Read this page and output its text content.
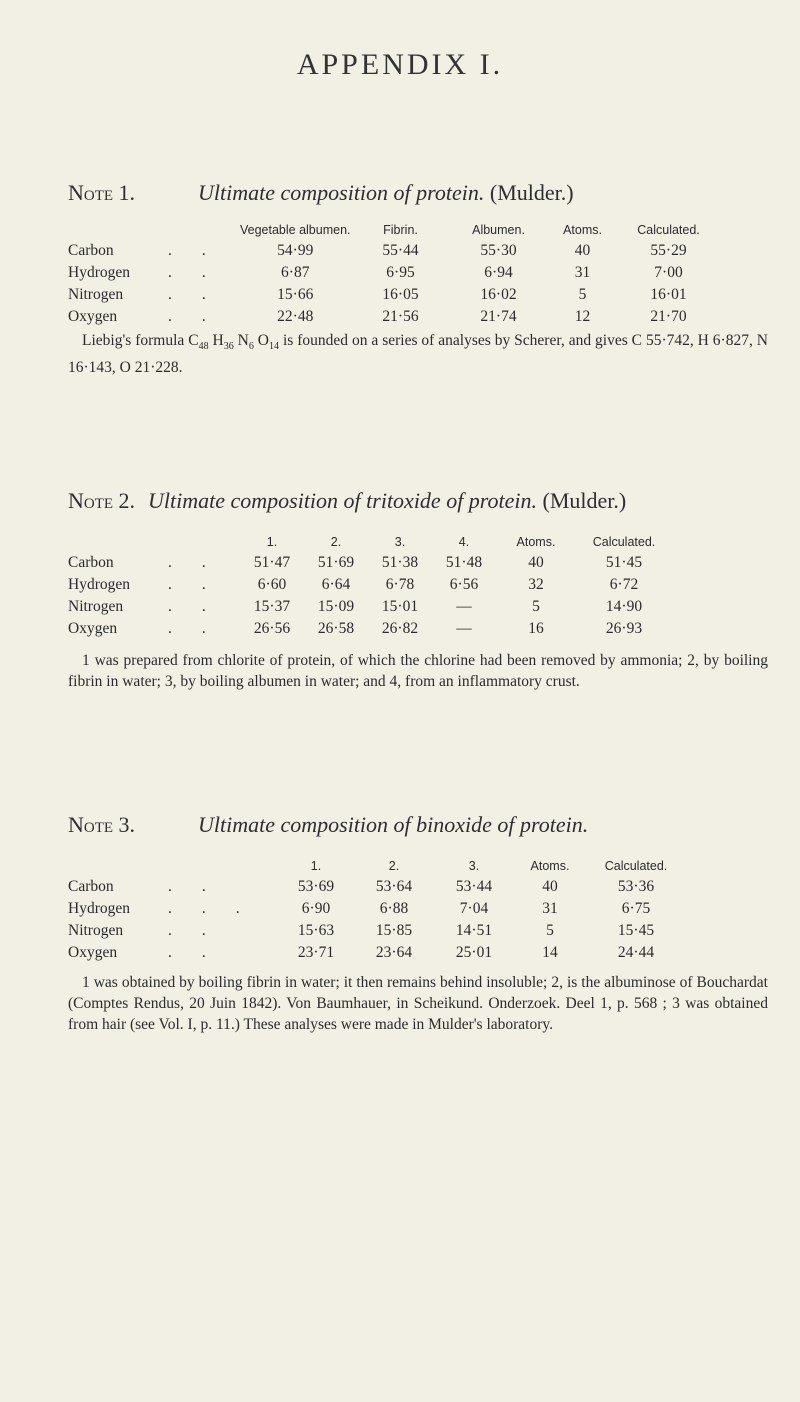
APPENDIX I.
Note 1.	Ultimate composition of protein. (Mulder.)
		Vegetable albumen.	Fibrin.	Albumen.	Atoms.	Calculated.
Carbon	..	54·99	55·44	55·30	40	55·29
Hydrogen	..	6·87	6·95	6·94	31	7·00
Nitrogen	..	15·66	16·05	16·02	5	16·01
Oxygen	..	22·48	21·56	21·74	12	21·70
Liebig's formula $C_{48}$ $H_{36}$ $N_6$ $O_{14}$ is founded on a series of analyses by Scherer, and gives C 55·742, H 6·827, N 16·143, O 21·228.
Note 2. Ultimate composition of tritoxide of protein. (Mulder.)
		1.	2.	3.	4.	Atoms.	Calculated.
Carbon	..	51·47	51·69	51·38	51·48	40	51·45
Hydrogen	..	6·60	6·64	6·78	6·56	32	6·72
Nitrogen	..	15·37	15·09	15·01	—	5	14·90
Oxygen	..	26·56	26·58	26·82	—	16	26·93
1 was prepared from chlorite of protein, of which the chlorine had been removed by ammonia; 2, by boiling fibrin in water; 3, by boiling albumen in water; and 4, from an inflammatory crust.
Note 3.	Ultimate composition of binoxide of protein.
		1.	2.	3.	Atoms.	Calculated.
Carbon	..	53·69	53·64	53·44	40	53·36
Hydrogen	...	6·90	6·88	7·04	31	6·75
Nitrogen	..	15·63	15·85	14·51	5	15·45
Oxygen	..	23·71	23·64	25·01	14	24·44
1 was obtained by boiling fibrin in water; it then remains behind insoluble; 2, is the albuminose of Bouchardat (Comptes Rendus, 20 Juin 1842). Von Baumhauer, in Scheikund. Onderzoek. Deel 1, p. 568 ; 3 was obtained from hair (see Vol. I, p. 11.) These analyses were made in Mulder's laboratory.
